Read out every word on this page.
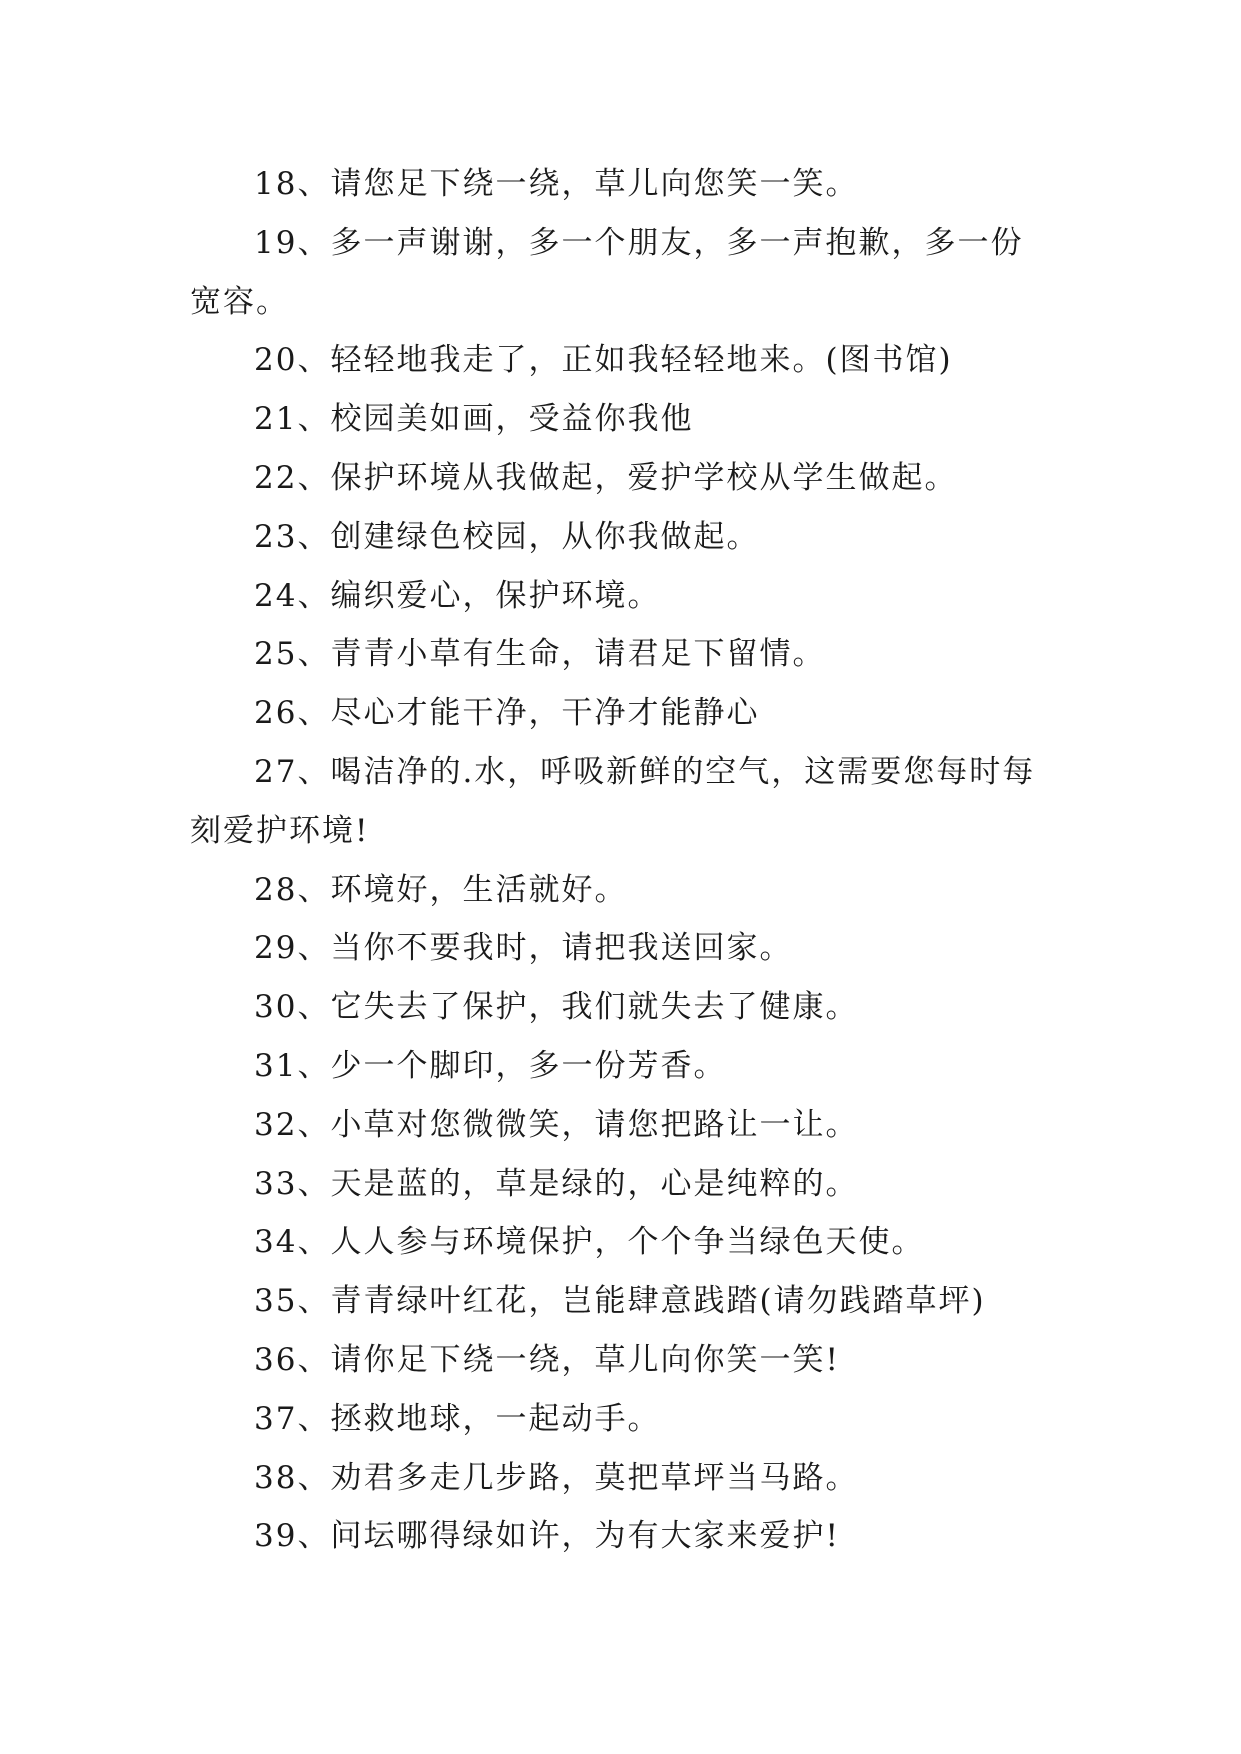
18、请您足下绕一绕，草儿向您笑一笑。

19、多一声谢谢，多一个朋友，多一声抱歉，多一份宽容。

20、轻轻地我走了，正如我轻轻地来。(图书馆)

21、校园美如画，受益你我他

22、保护环境从我做起，爱护学校从学生做起。

23、创建绿色校园，从你我做起。

24、编织爱心，保护环境。

25、青青小草有生命，请君足下留情。

26、尽心才能干净，干净才能静心

27、喝洁净的.水，呼吸新鲜的空气，这需要您每时每刻爱护环境!

28、环境好，生活就好。

29、当你不要我时，请把我送回家。

30、它失去了保护，我们就失去了健康。

31、少一个脚印，多一份芳香。

32、小草对您微微笑，请您把路让一让。

33、天是蓝的，草是绿的，心是纯粹的。

34、人人参与环境保护，个个争当绿色天使。

35、青青绿叶红花，岂能肆意践踏(请勿践踏草坪)

36、请你足下绕一绕，草儿向你笑一笑!

37、拯救地球，一起动手。

38、劝君多走几步路，莫把草坪当马路。

39、问坛哪得绿如许，为有大家来爱护!
